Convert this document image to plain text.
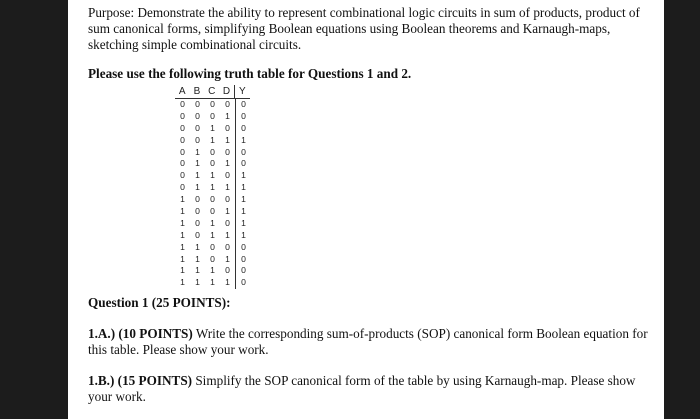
Purpose: Demonstrate the ability to represent combinational logic circuits in sum of products, product of sum canonical forms, simplifying Boolean equations using Boolean theorems and Karnaugh-maps, sketching simple combinational circuits.
Please use the following truth table for Questions 1 and 2.
A B C D Y
0	0	0	0	0
0	0	0	1	0
0	0	1	0	0
0	0	1	1	1
0	1	0	0	0
0	1	0	1	0
0	1	1	0	1
0	1	1	1	1
1	0	0	0	1
1	0	0	1	1
1	0	1	0	1
1	0	1	1	1
1	1	0	0	0
1	1	0	1	0
1	1	1	0	0
1	1	1	1	0
Question 1 (25 POINTS):
1.A.) (10 POINTS) Write the corresponding sum-of-products (SOP) canonical form Boolean equation for this table. Please show your work.
1.B.) (15 POINTS) Simplify the SOP canonical form of the table by using Karnaugh-map. Please show your work.
